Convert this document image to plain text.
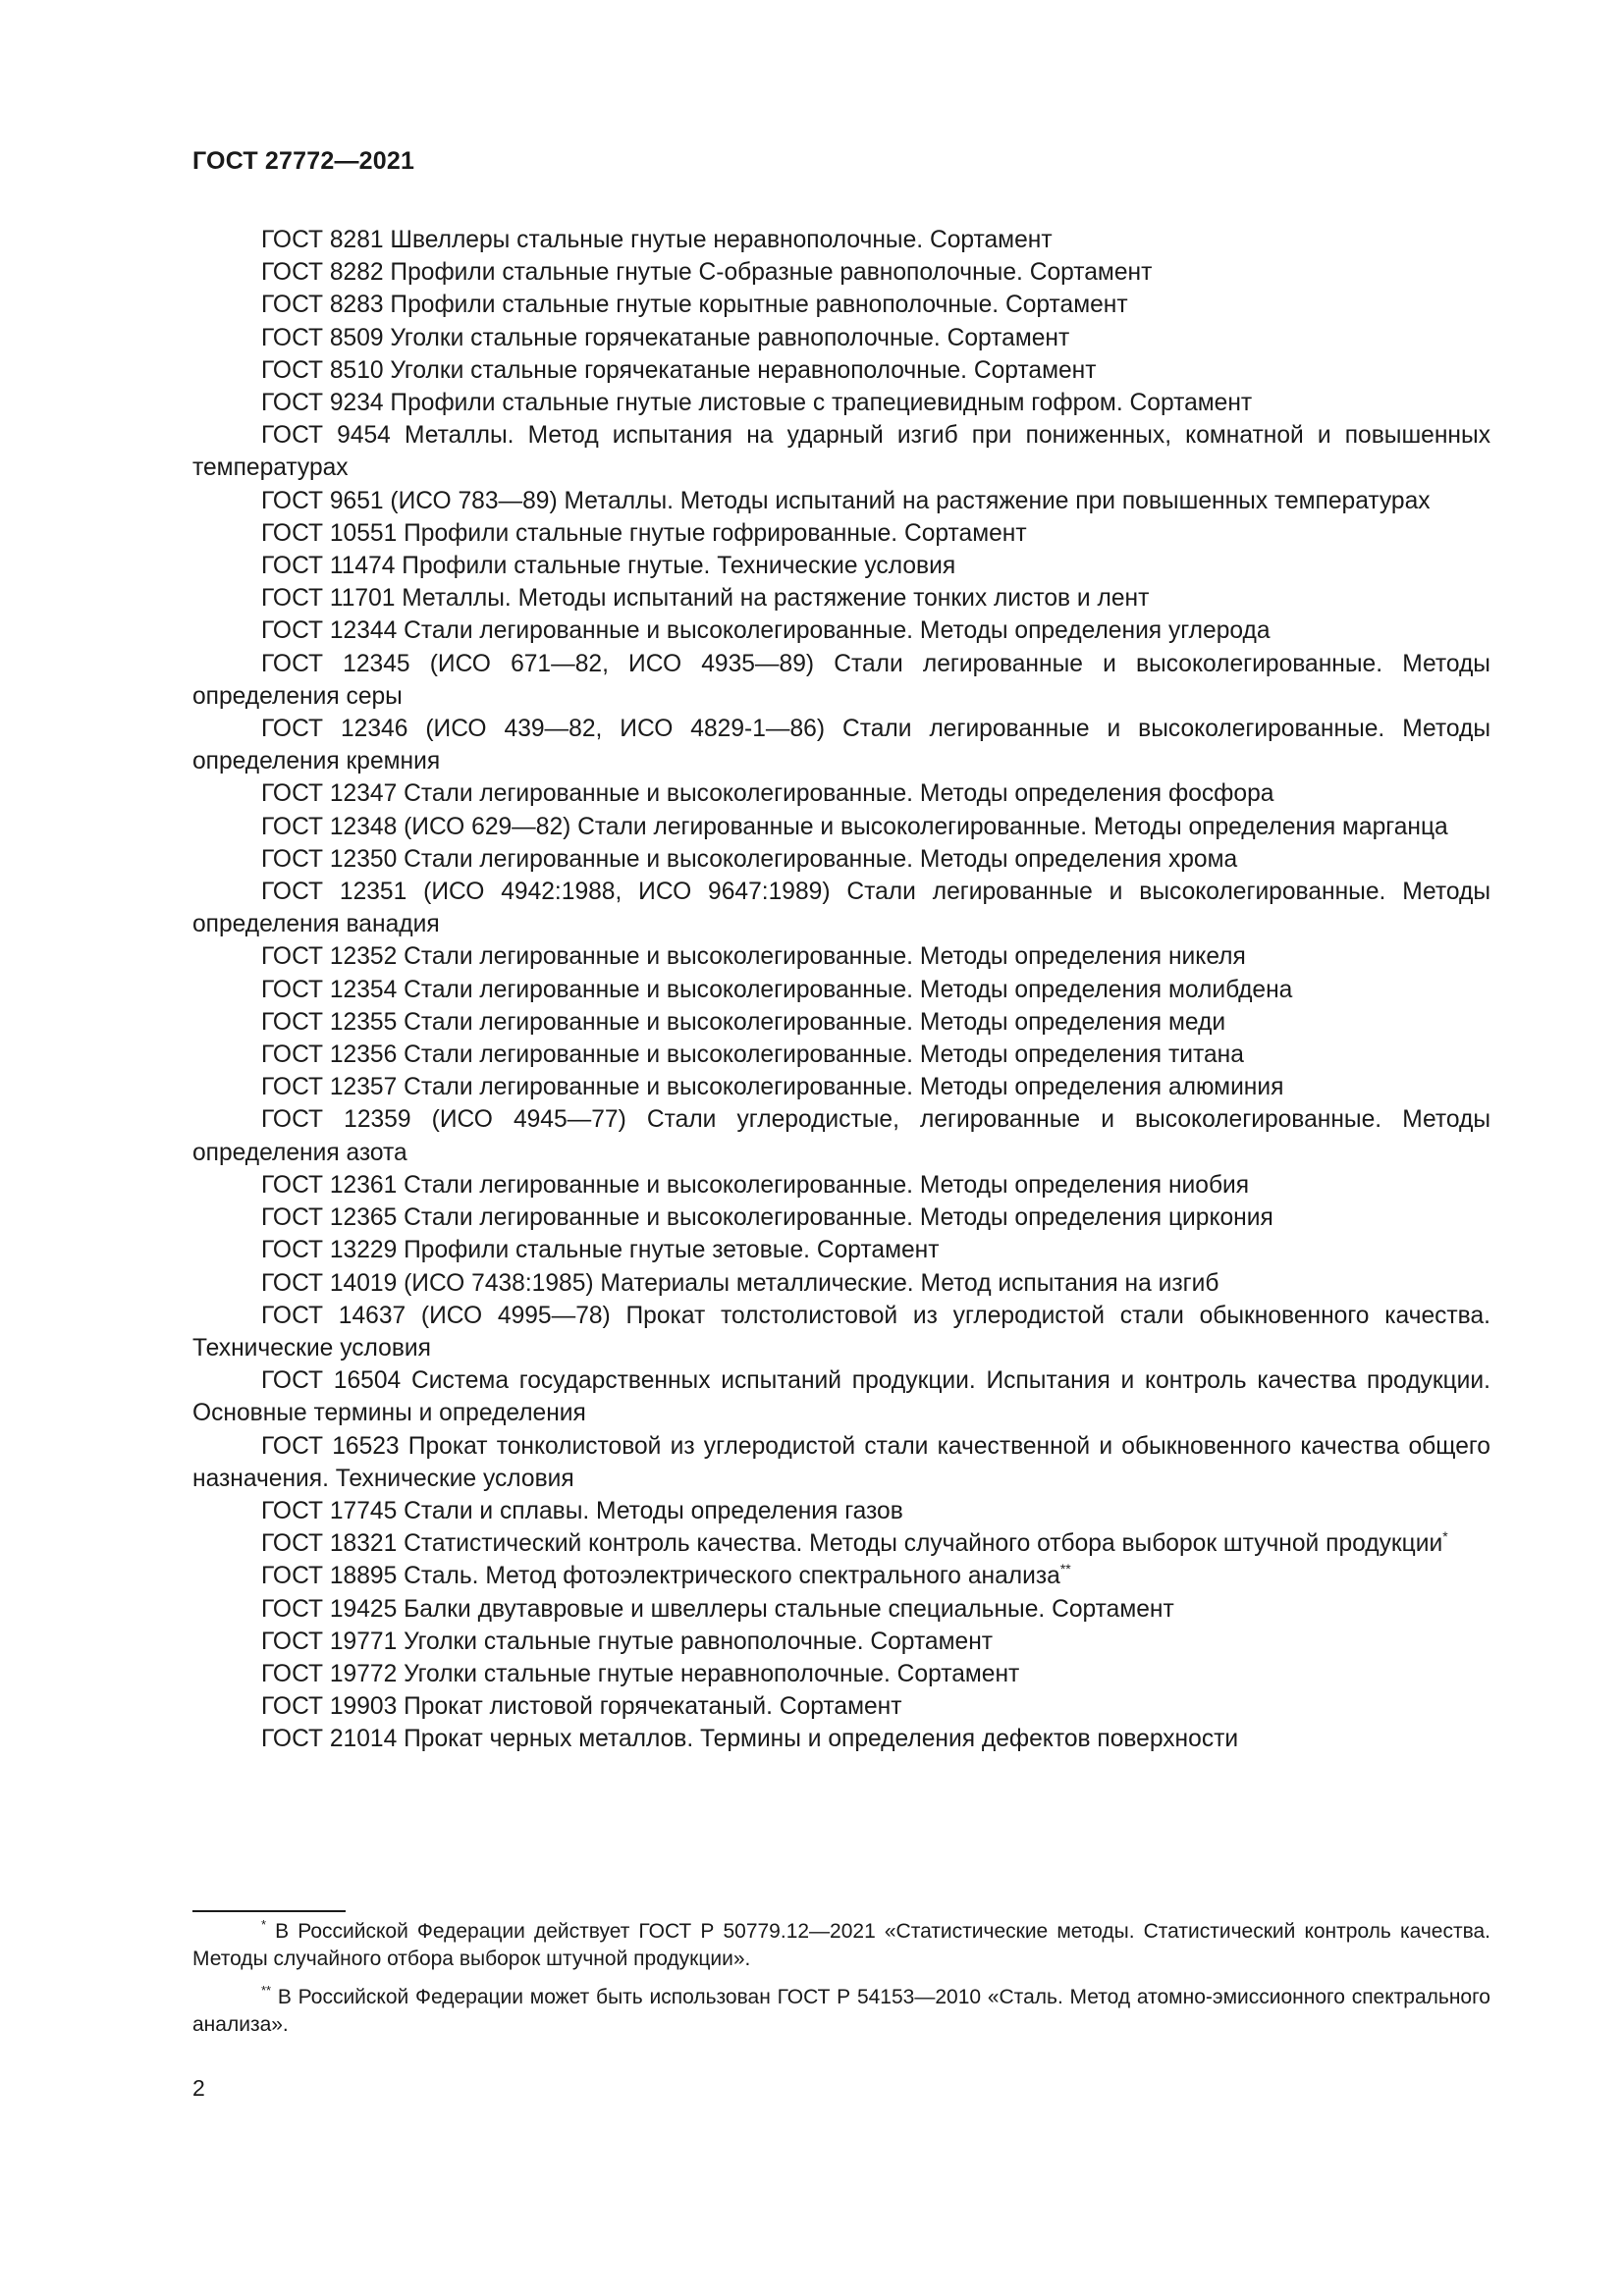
ГОСТ 27772—2021
ГОСТ 8281 Швеллеры стальные гнутые неравнополочные. Сортамент
ГОСТ 8282 Профили стальные гнутые С-образные равнополочные. Сортамент
ГОСТ 8283 Профили стальные гнутые корытные равнополочные. Сортамент
ГОСТ 8509 Уголки стальные горячекатаные равнополочные. Сортамент
ГОСТ 8510 Уголки стальные горячекатаные неравнополочные. Сортамент
ГОСТ 9234 Профили стальные гнутые листовые с трапециевидным гофром. Сортамент
ГОСТ 9454 Металлы. Метод испытания на ударный изгиб при пониженных, комнатной и повышенных температурах
ГОСТ 9651 (ИСО 783—89) Металлы. Методы испытаний на растяжение при повышенных температурах
ГОСТ 10551 Профили стальные гнутые гофрированные. Сортамент
ГОСТ 11474 Профили стальные гнутые. Технические условия
ГОСТ 11701 Металлы. Методы испытаний на растяжение тонких листов и лент
ГОСТ 12344 Стали легированные и высоколегированные. Методы определения углерода
ГОСТ 12345 (ИСО 671—82, ИСО 4935—89) Стали легированные и высоколегированные. Методы определения серы
ГОСТ 12346 (ИСО 439—82, ИСО 4829-1—86) Стали легированные и высоколегированные. Методы определения кремния
ГОСТ 12347 Стали легированные и высоколегированные. Методы определения фосфора
ГОСТ 12348 (ИСО 629—82) Стали легированные и высоколегированные. Методы определения марганца
ГОСТ 12350 Стали легированные и высоколегированные. Методы определения хрома
ГОСТ 12351 (ИСО 4942:1988, ИСО 9647:1989) Стали легированные и высоколегированные. Методы определения ванадия
ГОСТ 12352 Стали легированные и высоколегированные. Методы определения никеля
ГОСТ 12354 Стали легированные и высоколегированные. Методы определения молибдена
ГОСТ 12355 Стали легированные и высоколегированные. Методы определения меди
ГОСТ 12356 Стали легированные и высоколегированные. Методы определения титана
ГОСТ 12357 Стали легированные и высоколегированные. Методы определения алюминия
ГОСТ 12359 (ИСО 4945—77) Стали углеродистые, легированные и высоколегированные. Методы определения азота
ГОСТ 12361 Стали легированные и высоколегированные. Методы определения ниобия
ГОСТ 12365 Стали легированные и высоколегированные. Методы определения циркония
ГОСТ 13229 Профили стальные гнутые зетовые. Сортамент
ГОСТ 14019 (ИСО 7438:1985) Материалы металлические. Метод испытания на изгиб
ГОСТ 14637 (ИСО 4995—78) Прокат толстолистовой из углеродистой стали обыкновенного качества. Технические условия
ГОСТ 16504 Система государственных испытаний продукции. Испытания и контроль качества продукции. Основные термины и определения
ГОСТ 16523 Прокат тонколистовой из углеродистой стали качественной и обыкновенного качества общего назначения. Технические условия
ГОСТ 17745 Стали и сплавы. Методы определения газов
ГОСТ 18321 Статистический контроль качества. Методы случайного отбора выборок штучной продукции*
ГОСТ 18895 Сталь. Метод фотоэлектрического спектрального анализа**
ГОСТ 19425 Балки двутавровые и швеллеры стальные специальные. Сортамент
ГОСТ 19771 Уголки стальные гнутые равнополочные. Сортамент
ГОСТ 19772 Уголки стальные гнутые неравнополочные. Сортамент
ГОСТ 19903 Прокат листовой горячекатаный. Сортамент
ГОСТ 21014 Прокат черных металлов. Термины и определения дефектов поверхности

* В Российской Федерации действует ГОСТ Р 50779.12—2021 «Статистические методы. Статистический контроль качества. Методы случайного отбора выборок штучной продукции».

** В Российской Федерации может быть использован ГОСТ Р 54153—2010 «Сталь. Метод атомно-эмиссионного спектрального анализа».

2
